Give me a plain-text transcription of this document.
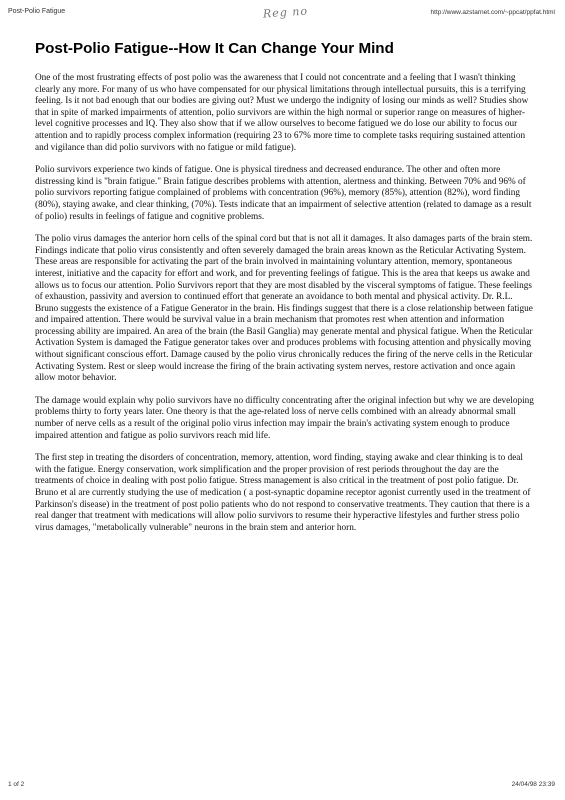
Post-Polio Fatigue	Reg no	http://www.azstarnet.com/~ppcat/ppfat.html
Post-Polio Fatigue--How It Can Change Your Mind

One of the most frustrating effects of post polio was the awareness that I could not concentrate and a feeling that I wasn't thinking clearly any more. For many of us who have compensated for our physical limitations through intellectual pursuits, this is a terrifying feeling. Is it not bad enough that our bodies are giving out? Must we undergo the indignity of losing our minds as well? Studies show that in spite of marked impairments of attention, polio survivors are within the high normal or superior range on measures of higher-level cognitive processes and IQ. They also show that if we allow ourselves to become fatigued we do lose our ability to focus our attention and to rapidly process complex information (requiring 23 to 67% more time to complete tasks requiring sustained attention and vigilance than did polio survivors with no fatigue or mild fatigue).

Polio survivors experience two kinds of fatigue. One is physical tiredness and decreased endurance. The other and often more distressing kind is "brain fatigue." Brain fatigue describes problems with attention, alertness and thinking. Between 70% and 96% of polio survivors reporting fatigue complained of problems with concentration (96%), memory (85%), attention (82%), word finding (80%), staying awake, and clear thinking, (70%). Tests indicate that an impairment of selective attention (related to damage as a result of polio) results in feelings of fatigue and cognitive problems.

The polio virus damages the anterior horn cells of the spinal cord but that is not all it damages. It also damages parts of the brain stem. Findings indicate that polio virus consistently and often severely damaged the brain areas known as the Reticular Activating System. These areas are responsible for activating the part of the brain involved in maintaining voluntary attention, memory, spontaneous interest, initiative and the capacity for effort and work, and for preventing feelings of fatigue. This is the area that keeps us awake and allows us to focus our attention. Polio Survivors report that they are most disabled by the visceral symptoms of fatigue. These feelings of exhaustion, passivity and aversion to continued effort that generate an avoidance to both mental and physical activity. Dr. R.L. Bruno suggests the existence of a Fatigue Generator in the brain. His findings suggest that there is a close relationship between fatigue and impaired attention. There would be survival value in a brain mechanism that promotes rest when attention and information processing ability are impaired. An area of the brain (the Basil Ganglia) may generate mental and physical fatigue. When the Reticular Activation System is damaged the Fatigue generator takes over and produces problems with focusing attention and physically moving without significant conscious effort. Damage caused by the polio virus chronically reduces the firing of the nerve cells in the Reticular Activating System. Rest or sleep would increase the firing of the brain activating system nerves, restore activation and once again allow motor behavior.

The damage would explain why polio survivors have no difficulty concentrating after the original infection but why we are developing problems thirty to forty years later. One theory is that the age-related loss of nerve cells combined with an already abnormal small number of nerve cells as a result of the original polio virus infection may impair the brain's activating system enough to produce impaired attention and fatigue as polio survivors reach mid life.

The first step in treating the disorders of concentration, memory, attention, word finding, staying awake and clear thinking is to deal with the fatigue. Energy conservation, work simplification and the proper provision of rest periods throughout the day are the treatments of choice in dealing with post polio fatigue. Stress management is also critical in the treatment of post polio fatigue. Dr. Bruno et al are currently studying the use of medication ( a post-synaptic dopamine receptor agonist currently used in the treatment of Parkinson's disease) in the treatment of post polio patients who do not respond to conservative treatments. They caution that there is a real danger that treatment with medications will allow polio survivors to resume their hyperactive lifestyles and further stress polio virus damages, "metabolically vulnerable" neurons in the brain stem and anterior horn.

1 of 2	24/04/98 23:39
